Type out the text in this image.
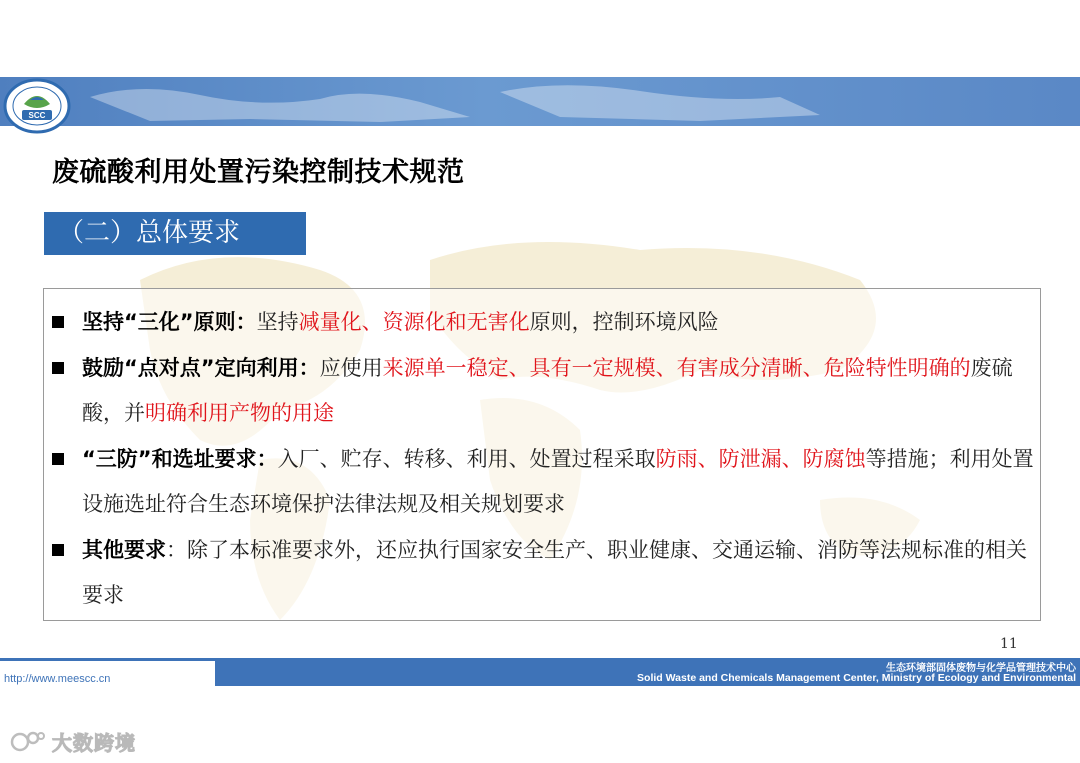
MEE
SCC
废硫酸利用处置污染控制技术规范
（二）总体要求
坚持“三化”原则：坚持减量化、资源化和无害化原则，控制环境风险
鼓励“点对点”定向利用：应使用来源单一稳定、具有一定规模、有害成分清晰、危险特性明确的废硫酸，并明确利用产物的用途
“三防”和选址要求：入厂、贮存、转移、利用、处置过程采取防雨、防泄漏、防腐蚀等措施；利用处置设施选址符合生态环境保护法律法规及相关规划要求
其他要求：除了本标准要求外，还应执行国家安全生产、职业健康、交通运输、消防等法规标准的相关要求
11
http://www.meescc.cn
生态环境部固体废物与化学品管理技术中心
Solid Waste and Chemicals Management Center, Ministry of Ecology and Environmental
大数跨境
